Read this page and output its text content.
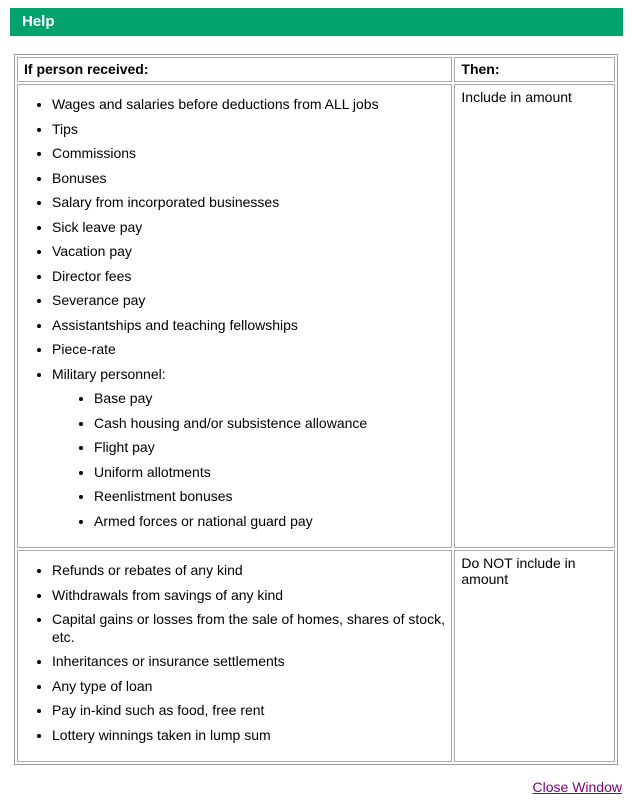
Help
If person received:	Then:

• Wages and salaries before deductions from ALL jobs
• Tips
• Commissions
• Bonuses
• Salary from incorporated businesses
• Sick leave pay
• Vacation pay
• Director fees
• Severance pay
• Assistantships and teaching fellowships
• Piece-rate
• Military personnel:
• Base pay
• Cash housing and/or subsistence allowance
• Flight pay
• Uniform allotments
• Reenlistment bonuses
• Armed forces or national guard pay
	Include in amount

• Refunds or rebates of any kind
• Withdrawals from savings of any kind
• Capital gains or losses from the sale of homes, shares of stock, etc.
• Inheritances or insurance settlements
• Any type of loan
• Pay in-kind such as food, free rent
• Lottery winnings taken in lump sum
	Do NOT include in amount
Close Window
